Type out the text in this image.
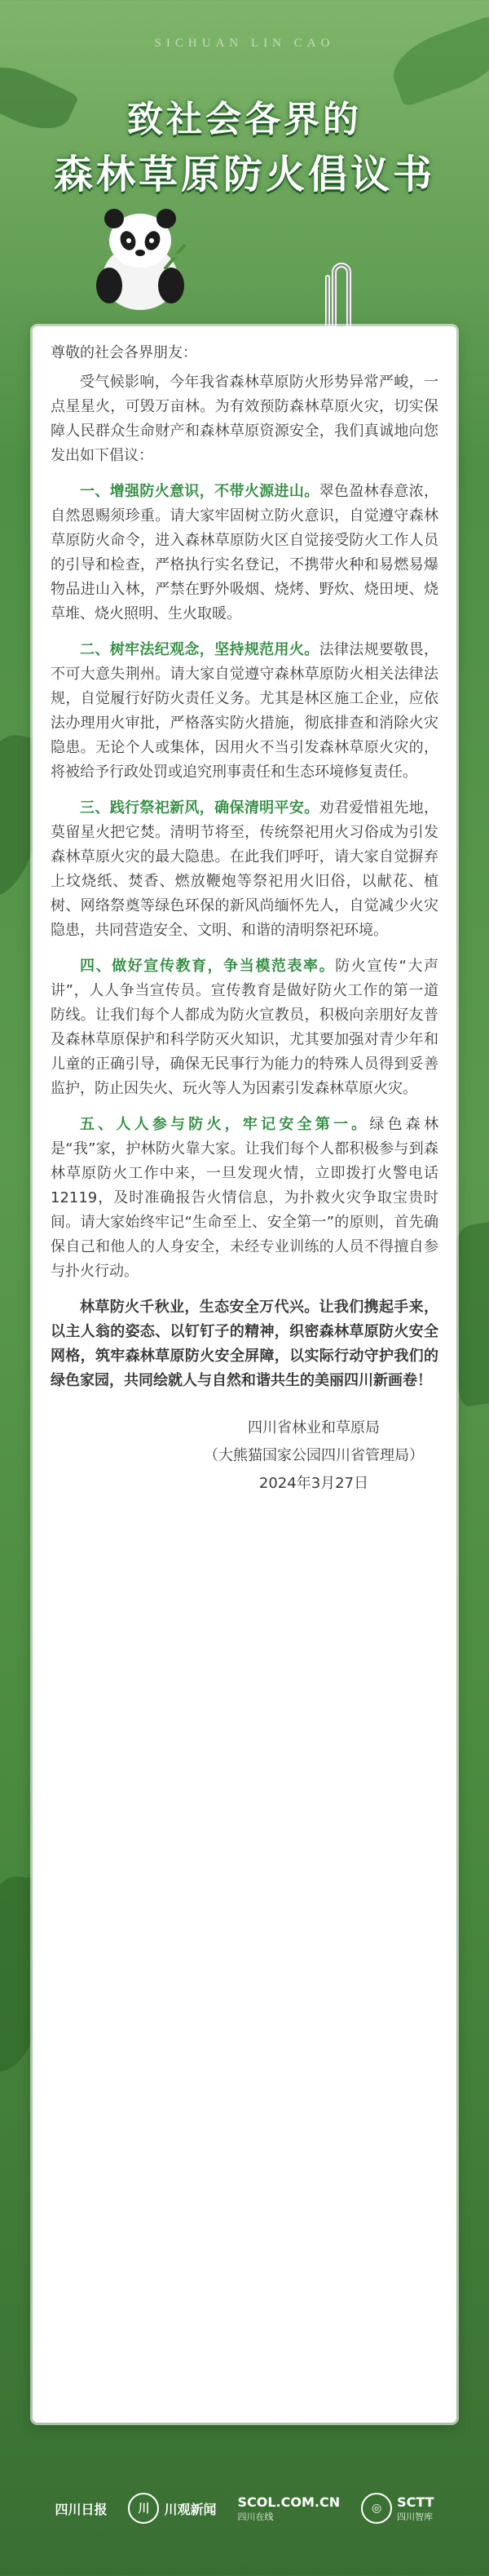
SICHUAN LIN CAO
致社会各界的
森林草原防火倡议书

尊敬的社会各界朋友：

受气候影响，今年我省森林草原防火形势异常严峻，一点星星火，可毁万亩林。为有效预防森林草原火灾，切实保障人民群众生命财产和森林草原资源安全，我们真诚地向您发出如下倡议：

一、增强防火意识，不带火源进山。翠色盈林春意浓，自然恩赐须珍重。请大家牢固树立防火意识，自觉遵守森林草原防火命令，进入森林草原防火区自觉接受防火工作人员的引导和检查，严格执行实名登记，不携带火种和易燃易爆物品进山入林，严禁在野外吸烟、烧烤、野炊、烧田埂、烧草堆、烧火照明、生火取暖。

二、树牢法纪观念，坚持规范用火。法律法规要敬畏，不可大意失荆州。请大家自觉遵守森林草原防火相关法律法规，自觉履行好防火责任义务。尤其是林区施工企业，应依法办理用火审批，严格落实防火措施，彻底排查和消除火灾隐患。无论个人或集体，因用火不当引发森林草原火灾的，将被给予行政处罚或追究刑事责任和生态环境修复责任。

三、践行祭祀新风，确保清明平安。劝君爱惜祖先地，莫留星火把它焚。清明节将至，传统祭祀用火习俗成为引发森林草原火灾的最大隐患。在此我们呼吁，请大家自觉摒弃上坟烧纸、焚香、燃放鞭炮等祭祀用火旧俗，以献花、植树、网络祭奠等绿色环保的新风尚缅怀先人，自觉减少火灾隐患，共同营造安全、文明、和谐的清明祭祀环境。

四、做好宣传教育，争当模范表率。防火宣传“大声讲”，人人争当宣传员。宣传教育是做好防火工作的第一道防线。让我们每个人都成为防火宣教员，积极向亲朋好友普及森林草原保护和科学防灭火知识，尤其要加强对青少年和儿童的正确引导，确保无民事行为能力的特殊人员得到妥善监护，防止因失火、玩火等人为因素引发森林草原火灾。

五、人人参与防火，牢记安全第一。绿色森林是“我”家，护林防火靠大家。让我们每个人都积极参与到森林草原防火工作中来，一旦发现火情，立即拨打火警电话12119，及时准确报告火情信息，为扑救火灾争取宝贵时间。请大家始终牢记“生命至上、安全第一”的原则，首先确保自己和他人的人身安全，未经专业训练的人员不得擅自参与扑火行动。

林草防火千秋业，生态安全万代兴。让我们携起手来，以主人翁的姿态、以钉钉子的精神，织密森林草原防火安全网格，筑牢森林草原防火安全屏障，以实际行动守护我们的绿色家园，共同绘就人与自然和谐共生的美丽四川新画卷！

四川省林业和草原局
（大熊猫国家公园四川省管理局）
2024年3月27日
四川日报	川	川观新闻 SCOL.COM.CN
四川在线
◎	SCTT
四川智库
